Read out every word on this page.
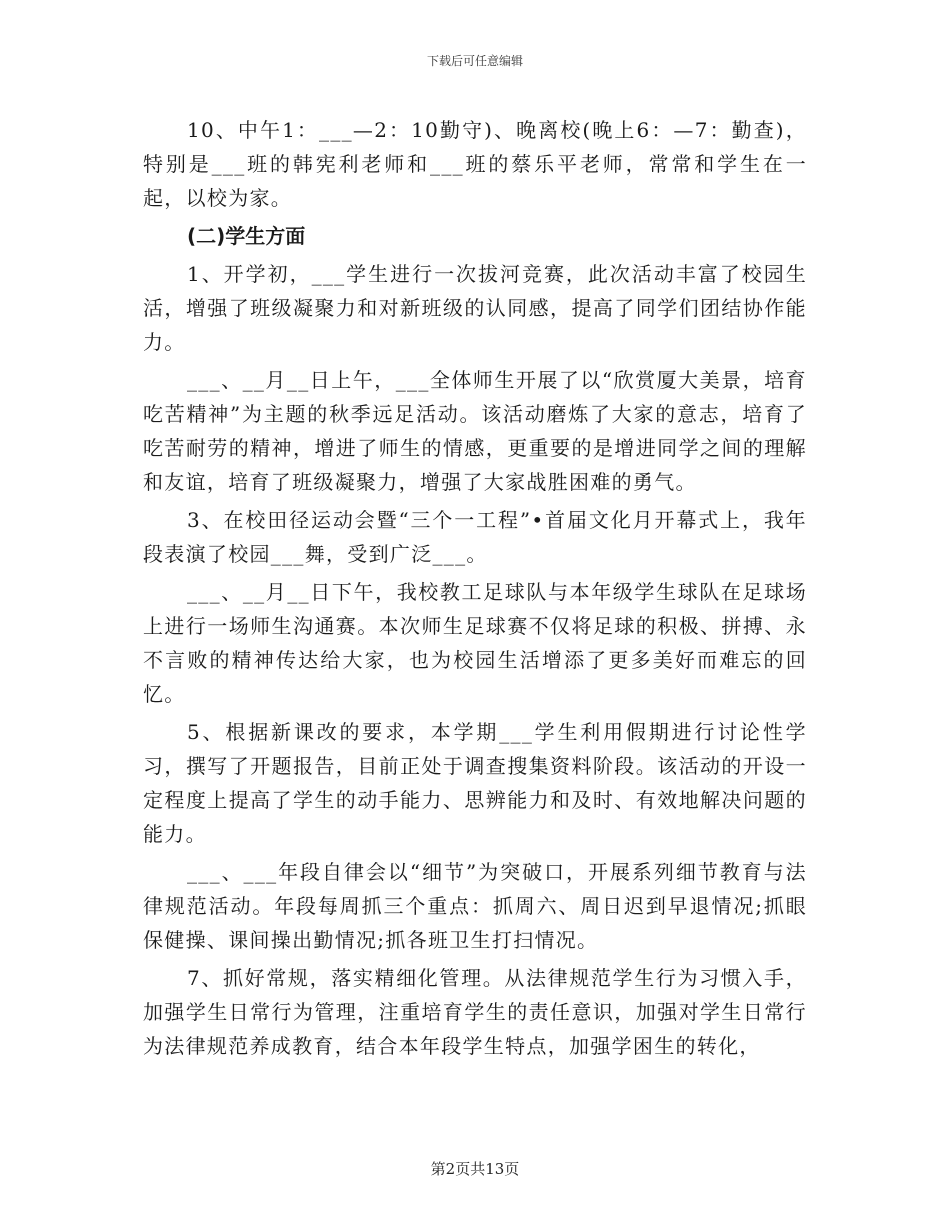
下载后可任意编辑

10、中午1：___—2：10勤守)、晚离校(晚上6：—7：勤查)，特别是___班的韩宪利老师和___班的蔡乐平老师，常常和学生在一起，以校为家。

(二)学生方面

1、开学初，___学生进行一次拔河竞赛，此次活动丰富了校园生活，增强了班级凝聚力和对新班级的认同感，提高了同学们团结协作能力。

___、__月__日上午，___全体师生开展了以“欣赏厦大美景，培育吃苦精神”为主题的秋季远足活动。该活动磨炼了大家的意志，培育了吃苦耐劳的精神，增进了师生的情感，更重要的是增进同学之间的理解和友谊，培育了班级凝聚力，增强了大家战胜困难的勇气。

3、在校田径运动会暨“三个一工程”•首届文化月开幕式上，我年段表演了校园___舞，受到广泛___。

___、__月__日下午，我校教工足球队与本年级学生球队在足球场上进行一场师生沟通赛。本次师生足球赛不仅将足球的积极、拼搏、永不言败的精神传达给大家，也为校园生活增添了更多美好而难忘的回忆。

5、根据新课改的要求，本学期___学生利用假期进行讨论性学习，撰写了开题报告，目前正处于调查搜集资料阶段。该活动的开设一定程度上提高了学生的动手能力、思辨能力和及时、有效地解决问题的能力。

___、___年段自律会以“细节”为突破口，开展系列细节教育与法律规范活动。年段每周抓三个重点：抓周六、周日迟到早退情况;抓眼保健操、课间操出勤情况;抓各班卫生打扫情况。

7、抓好常规，落实精细化管理。从法律规范学生行为习惯入手，加强学生日常行为管理，注重培育学生的责任意识，加强对学生日常行为法律规范养成教育，结合本年段学生特点，加强学困生的转化，

第2页共13页
